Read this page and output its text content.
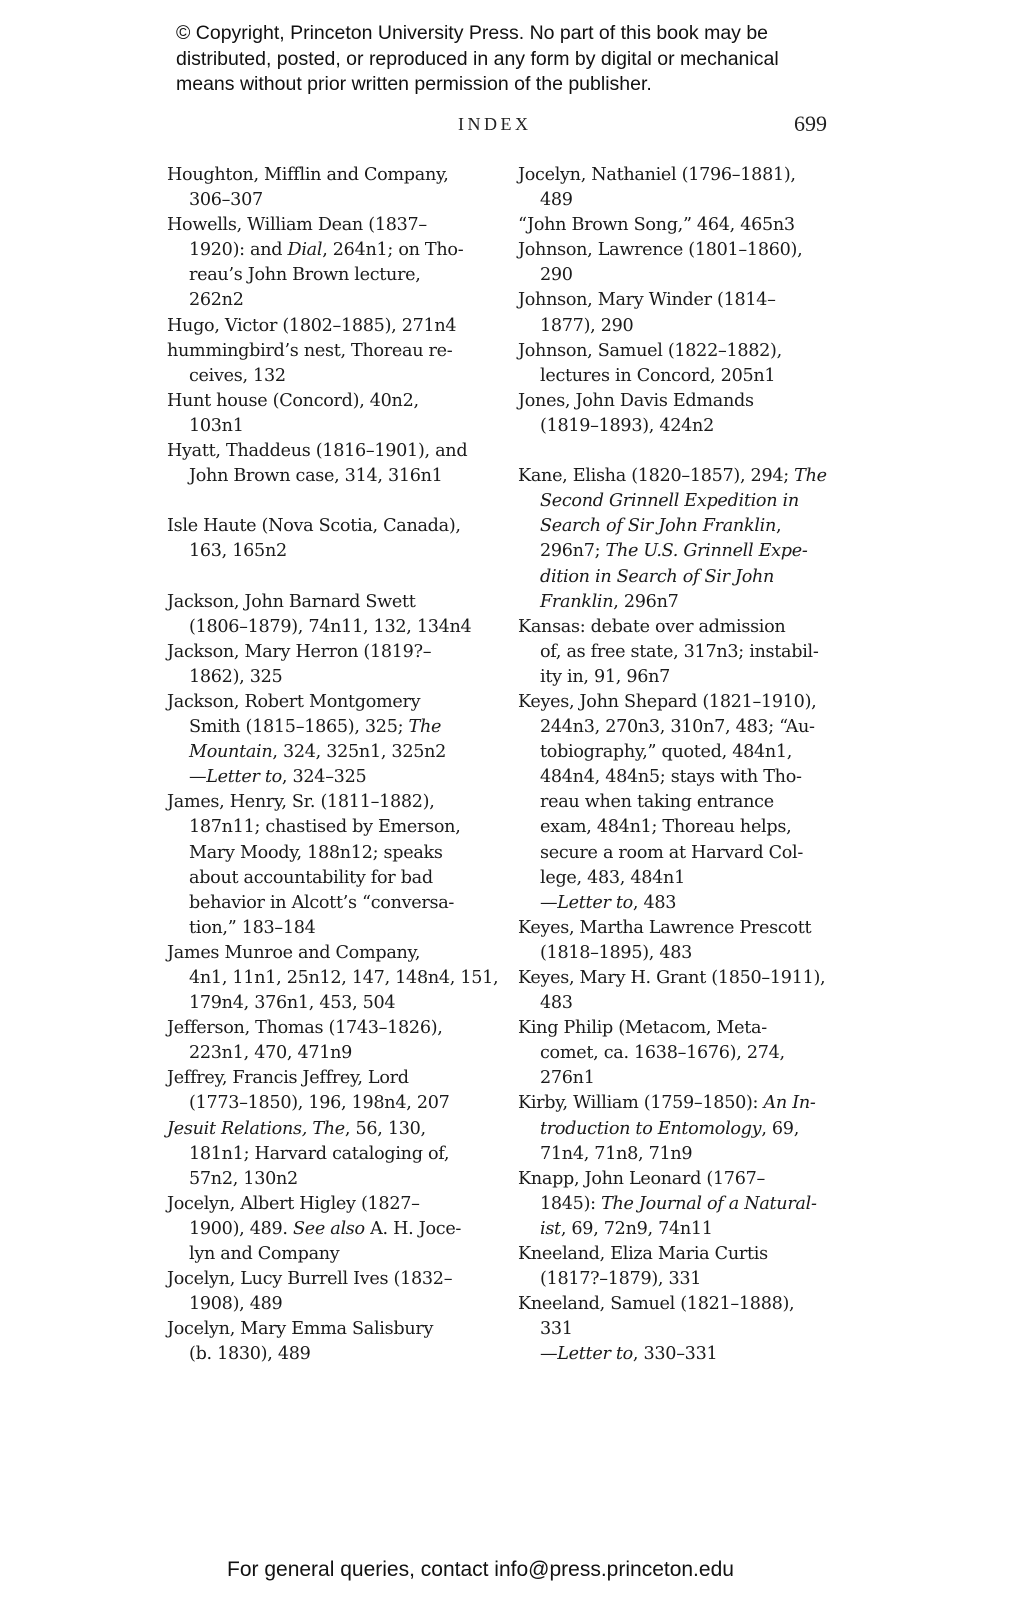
© Copyright, Princeton University Press. No part of this book may be
distributed, posted, or reproduced in any form by digital or mechanical
means without prior written permission of the publisher.
INDEX	699
Houghton, Mifflin and Company,
306–307
Howells, William Dean (1837–
1920): and Dial, 264n1; on Tho-
reau’s John Brown lecture,
262n2
Hugo, Victor (1802–1885), 271n4
hummingbird’s nest, Thoreau re-
ceives, 132
Hunt house (Concord), 40n2,
103n1
Hyatt, Thaddeus (1816–1901), and
John Brown case, 314, 316n1
Isle Haute (Nova Scotia, Canada),
163, 165n2
Jackson, John Barnard Swett
(1806–1879), 74n11, 132, 134n4
Jackson, Mary Herron (1819?–
1862), 325
Jackson, Robert Montgomery
Smith (1815–1865), 325; The
Mountain, 324, 325n1, 325n2
—Letter to, 324–325
James, Henry, Sr. (1811–1882),
187n11; chastised by Emerson,
Mary Moody, 188n12; speaks
about accountability for bad
behavior in Alcott’s “conversa-
tion,” 183–184
James Munroe and Company,
4n1, 11n1, 25n12, 147, 148n4, 151,
179n4, 376n1, 453, 504
Jefferson, Thomas (1743–1826),
223n1, 470, 471n9
Jeffrey, Francis Jeffrey, Lord
(1773–1850), 196, 198n4, 207
Jesuit Relations, The, 56, 130,
181n1; Harvard cataloging of,
57n2, 130n2
Jocelyn, Albert Higley (1827–
1900), 489. See also A. H. Joce-
lyn and Company
Jocelyn, Lucy Burrell Ives (1832–
1908), 489
Jocelyn, Mary Emma Salisbury
(b. 1830), 489
Jocelyn, Nathaniel (1796–1881),
489
“John Brown Song,” 464, 465n3
Johnson, Lawrence (1801–1860),
290
Johnson, Mary Winder (1814–
1877), 290
Johnson, Samuel (1822–1882),
lectures in Concord, 205n1
Jones, John Davis Edmands
(1819–1893), 424n2
Kane, Elisha (1820–1857), 294; The
Second Grinnell Expedition in
Search of Sir John Franklin,
296n7; The U.S. Grinnell Expe-
dition in Search of Sir John
Franklin, 296n7
Kansas: debate over admission
of, as free state, 317n3; instabil-
ity in, 91, 96n7
Keyes, John Shepard (1821–1910),
244n3, 270n3, 310n7, 483; “Au-
tobiography,” quoted, 484n1,
484n4, 484n5; stays with Tho-
reau when taking entrance
exam, 484n1; Thoreau helps,
secure a room at Harvard Col-
lege, 483, 484n1
—Letter to, 483
Keyes, Martha Lawrence Prescott
(1818–1895), 483
Keyes, Mary H. Grant (1850–1911),
483
King Philip (Metacom, Meta-
comet, ca. 1638–1676), 274,
276n1
Kirby, William (1759–1850): An In-
troduction to Entomology, 69,
71n4, 71n8, 71n9
Knapp, John Leonard (1767–
1845): The Journal of a Natural-
ist, 69, 72n9, 74n11
Kneeland, Eliza Maria Curtis
(1817?–1879), 331
Kneeland, Samuel (1821–1888),
331
—Letter to, 330–331
For general queries, contact info@press.princeton.edu
